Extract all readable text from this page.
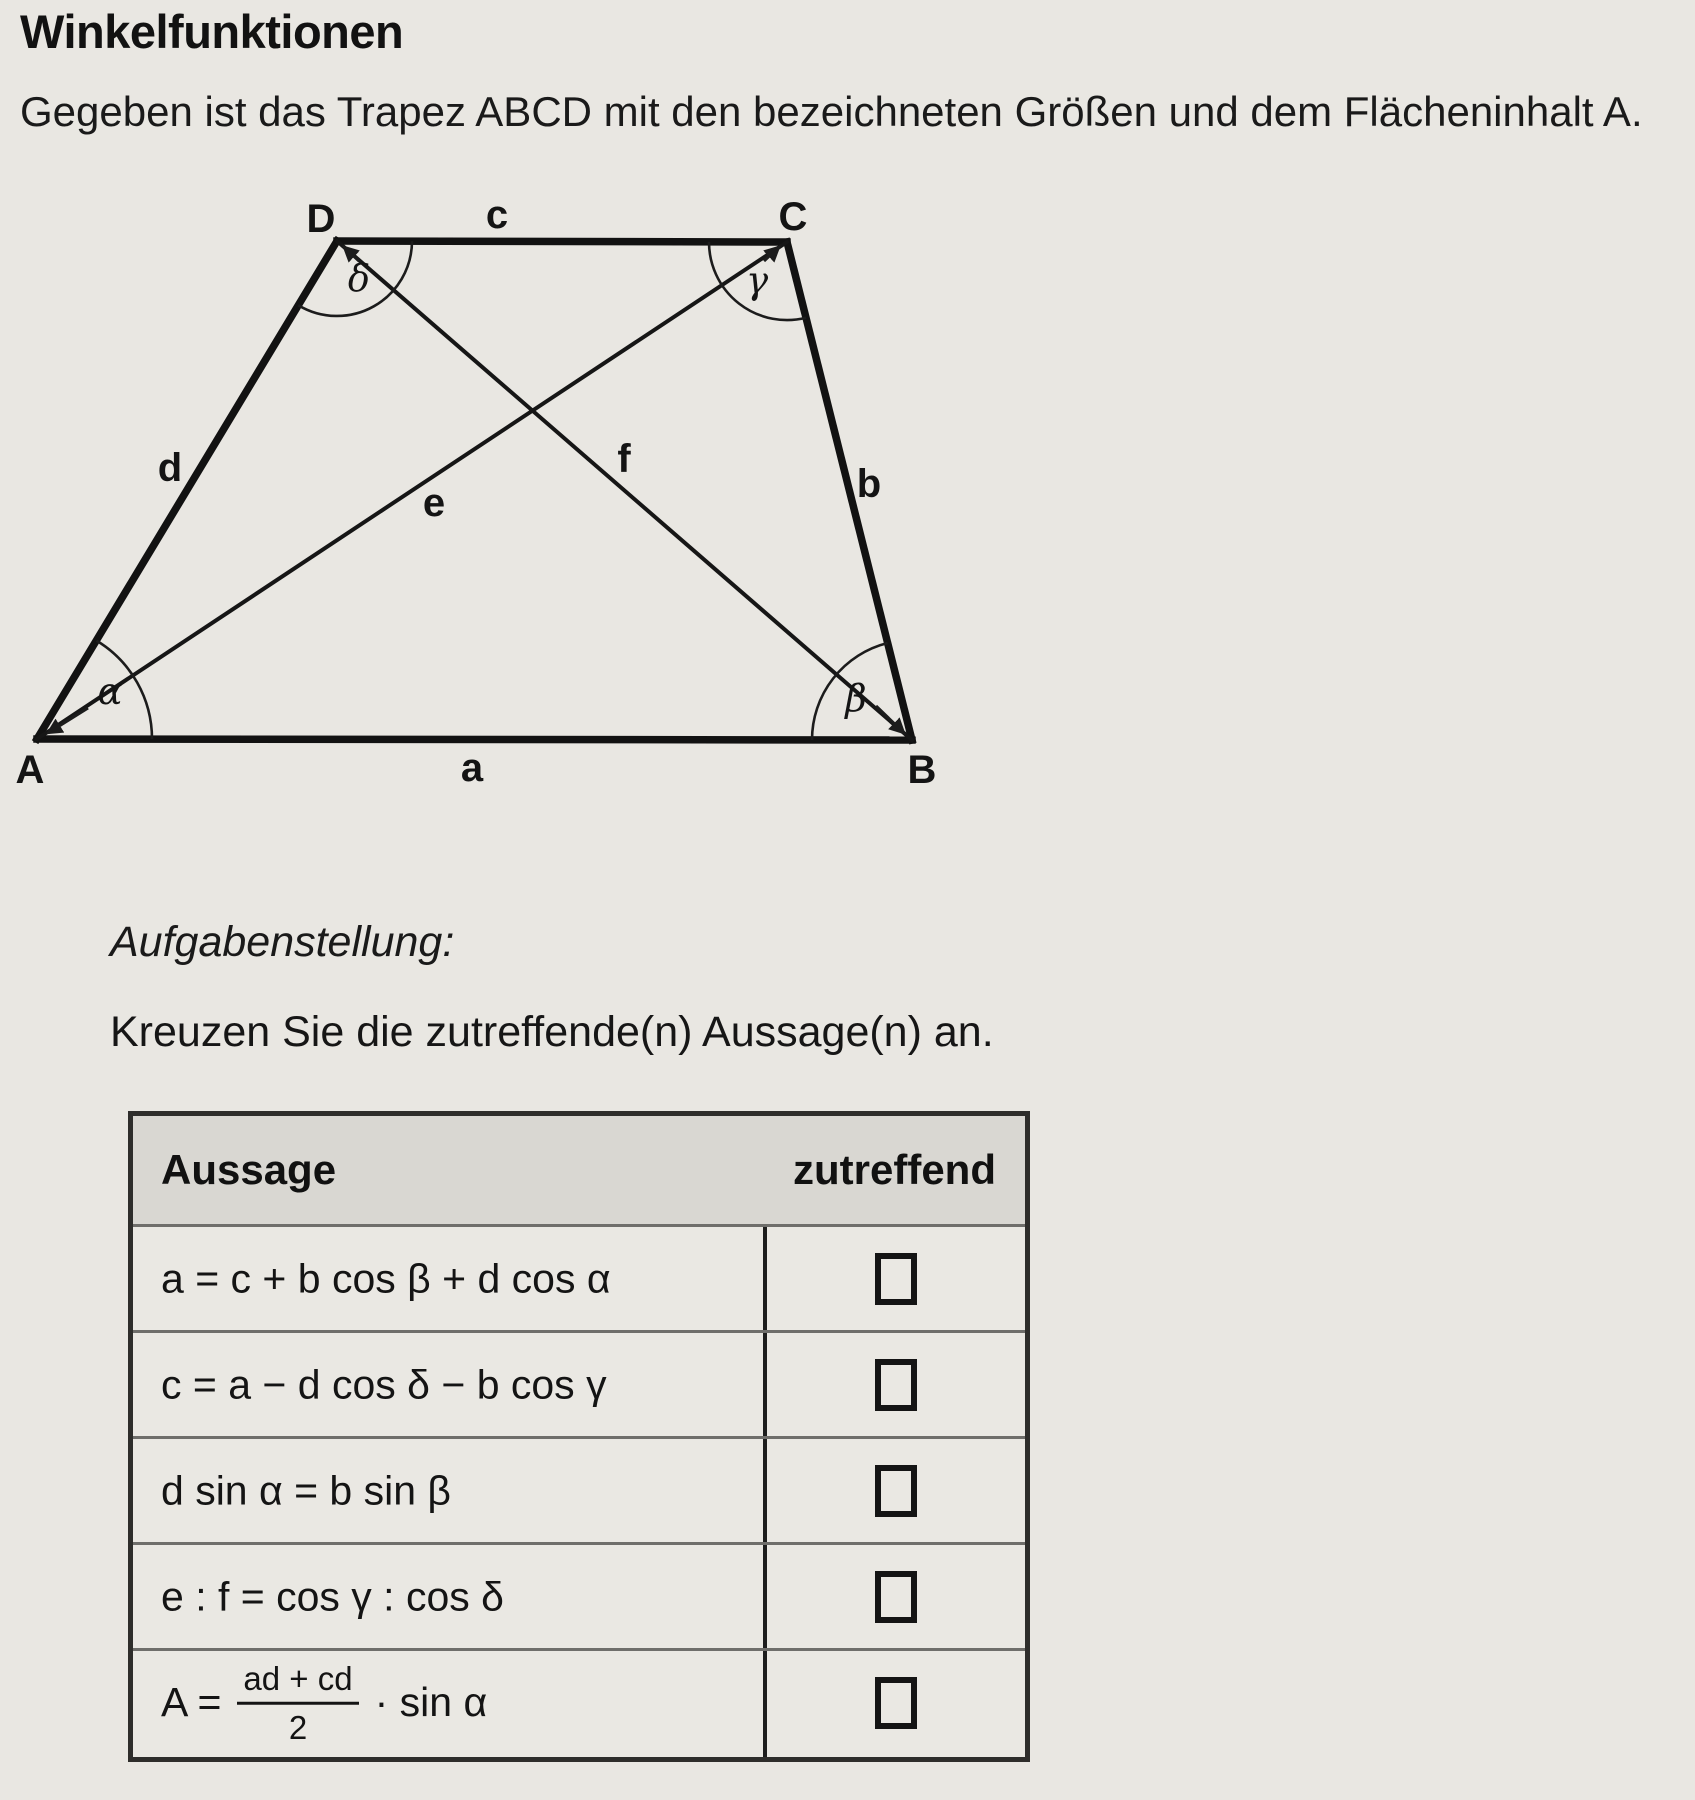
Winkelfunktionen

Gegeben ist das Trapez ABCD mit den bezeichneten Größen und dem Flächeninhalt A.

D	C
A	B
c
d	b
a
e
f
α	β
δ	γ

Aufgabenstellung:

Kreuzen Sie die zutreffende(n) Aussage(n) an.

Aussage	zutreffend
a = c + b cos β + d cos α
c = a − d cos δ − b cos γ
d sin α = b sin β
e : f = cos γ : cos δ
$A = \frac{ad + cd}{2} \cdot \sin \alpha$
